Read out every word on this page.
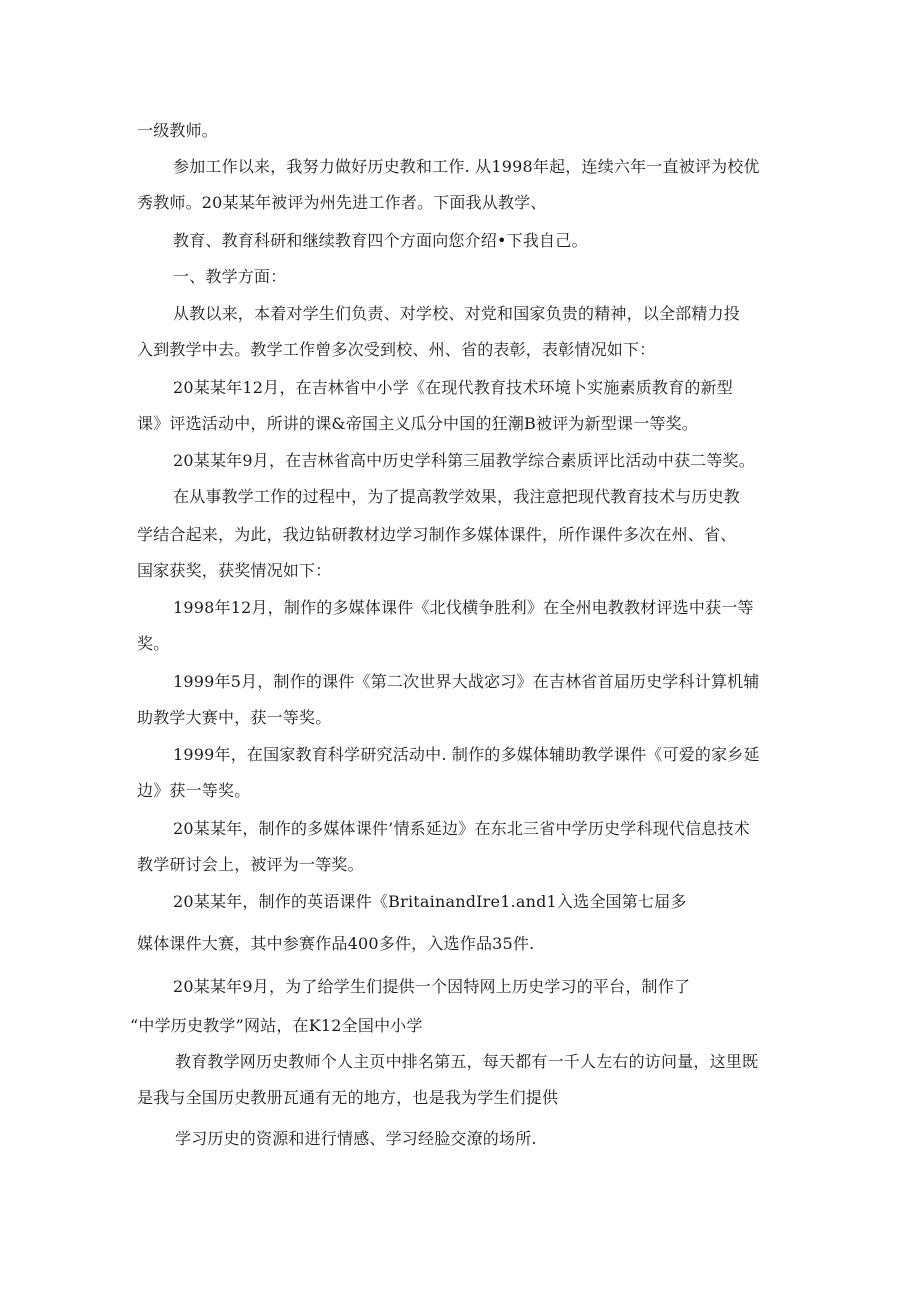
一级教师。

参加工作以来，我努力做好历史教和工作. 从1998年起，连续六年一直被评为校优

秀教师。20某某年被评为州先进工作者。下面我从教学、

教育、教育科研和继续教育四个方面向您介绍•下我自己。

一、教学方面：

从教以来，本着对学生们负责、对学校、对党和国家负贵的精神，以全部精力投

入到教学中去。教学工作曾多次受到校、州、省的表彰，表彰情况如下：

20某某年12月，在吉林省中小学《在现代教育技术环境卜实施素质教育的新型

课》评选活动中，所讲的课&帝国主义瓜分中国的狂潮B被评为新型课一等奖。

20某某年9月，在吉林省高中历史学科第三届教学综合素质评比活动中获二等奖。

在从事教学工作的过程中，为了提高教学效果，我注意把现代教育技术与历史教

学结合起来，为此，我边钻研教材边学习制作多媒体课件，所作课件多次在州、省、

国家获奖，获奖情况如下：

1998年12月，制作的多媒体课件《北伐横争胜利》在全州电教教材评选中获一等

奖。

1999年5月，制作的课件《第二次世界大战宓习》在吉林省首届历史学科计算机辅

助教学大赛中，获一等奖。

1999年，在国家教育科学研究活动中. 制作的多媒体辅助教学课件《可爱的家乡延

边》获一等奖。

20某某年，制作的多媒体课件’情系延边》在东北三省中学历史学科现代信息技术

教学研讨会上，被评为一等奖。

20某某年，制作的英语课件《BritainandIre1.and1入选全国第七届多

媒体课件大赛，其中参赛作品400多件，入选作品35件.

20某某年9月，为了给学生们提供一个因特网上历史学习的平台，制作了

“中学历史教学”网站，在K12全国中小学

教育教学网历史教师个人主页中排名第五，每天都有一千人左右的访问量，这里既

是我与全国历史教册瓦通有无的地方，也是我为学生们提供

学习历史的资源和进行情感、学习经脸交潦的场所.
